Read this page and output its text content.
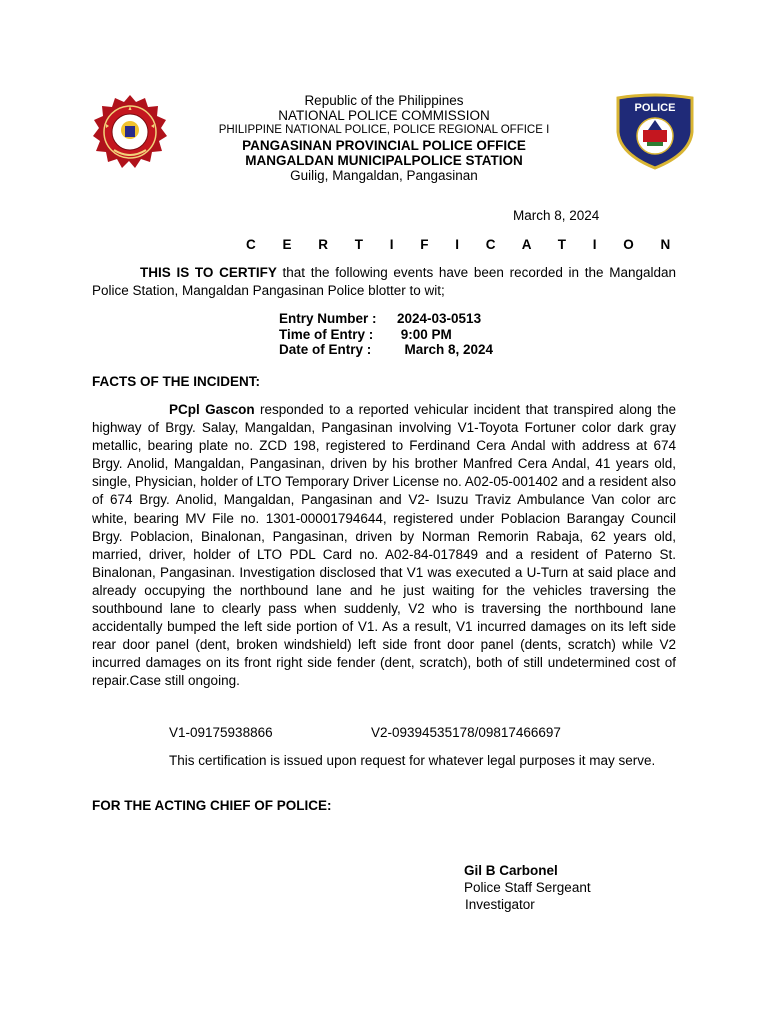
POLICE
Republic of the Philippines
NATIONAL POLICE COMMISSION
PHILIPPINE NATIONAL POLICE, POLICE REGIONAL OFFICE I
PANGASINAN PROVINCIAL POLICE OFFICE
MANGALDAN MUNICIPALPOLICE STATION
Guilig, Mangaldan, Pangasinan
March 8, 2024
C E R T I F I C A T I O N
THIS IS TO CERTIFY that the following events have been recorded in the Mangaldan Police Station, Mangaldan Pangasinan Police blotter to wit;
Entry Number :	2024-03-0513
Time of Entry :	9:00 PM
Date of Entry :	March 8, 2024
FACTS OF THE INCIDENT:
PCpl Gascon responded to a reported vehicular incident that transpired along the highway of Brgy. Salay, Mangaldan, Pangasinan involving V1-Toyota Fortuner color dark gray metallic, bearing plate no. ZCD 198, registered to Ferdinand Cera Andal with address at 674 Brgy. Anolid, Mangaldan, Pangasinan, driven by his brother Manfred Cera Andal, 41 years old, single, Physician, holder of LTO Temporary Driver License no. A02-05-001402 and a resident also of 674 Brgy. Anolid, Mangaldan, Pangasinan and V2- Isuzu Traviz Ambulance Van color arc white, bearing MV File no. 1301-00001794644, registered under Poblacion Barangay Council Brgy. Poblacion, Binalonan, Pangasinan, driven by Norman Remorin Rabaja, 62 years old, married, driver, holder of LTO PDL Card no. A02-84-017849 and a resident of Paterno St. Binalonan, Pangasinan. Investigation disclosed that V1 was executed a U-Turn at said place and already occupying the northbound lane and he just waiting for the vehicles traversing the southbound lane to clearly pass when suddenly, V2 who is traversing the northbound lane accidentally bumped the left side portion of V1. As a result, V1 incurred damages on its left side rear door panel (dent, broken windshield) left side front door panel (dents, scratch) while V2 incurred damages on its front right side fender (dent, scratch), both of still undetermined cost of repair.Case still ongoing.
V1-09175938866	V2-09394535178/09817466697
This certification is issued upon request for whatever legal purposes it may serve.
FOR THE ACTING CHIEF OF POLICE:
Gil B Carbonel
Police Staff Sergeant
Investigator
